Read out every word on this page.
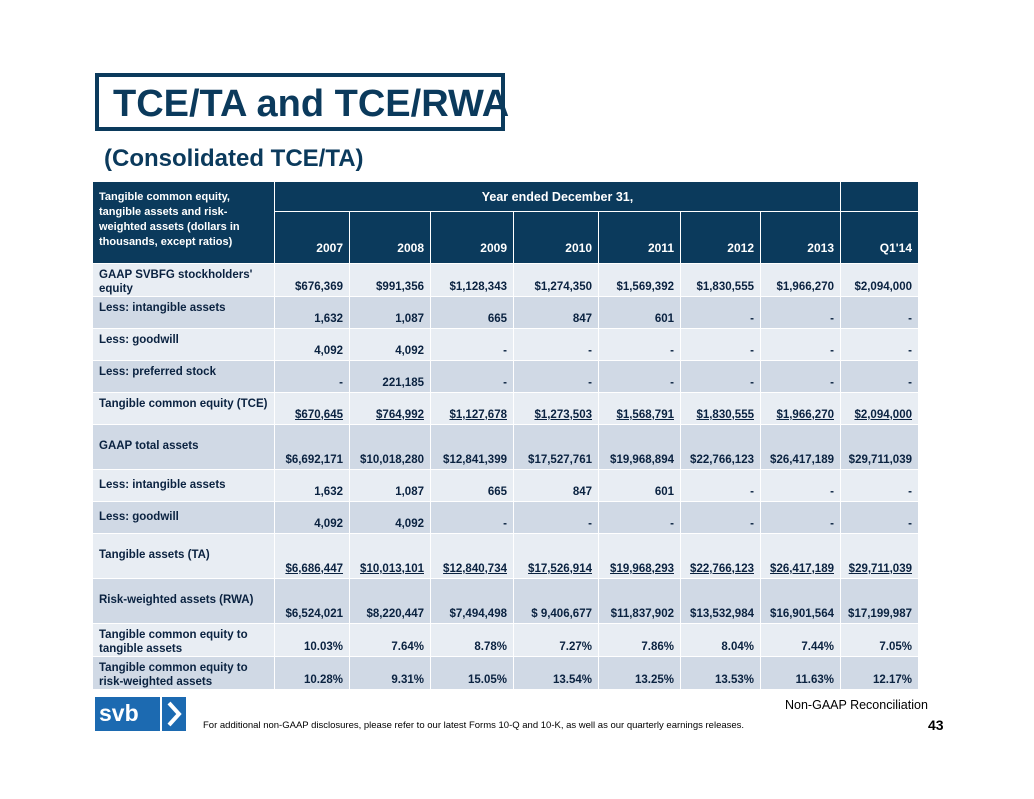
TCE/TA and TCE/RWA
(Consolidated TCE/TA)
Tangible common equity, tangible assets and risk-weighted assets (dollars in thousands, except ratios)	Year ended December 31,							
	2007	2008	2009	2010	2011	2012	2013	Q1'14
GAAP SVBFG stockholders' equity	$676,369	$991,356	$1,128,343	$1,274,350	$1,569,392	$1,830,555	$1,966,270	$2,094,000
Less: intangible assets	1,632	1,087	665	847	601	-	-	-
Less: goodwill	4,092	4,092	-	-	-	-	-	-
Less: preferred stock	-	221,185	-	-	-	-	-	-
Tangible common equity (TCE)	$670,645	$764,992	$1,127,678	$1,273,503	$1,568,791	$1,830,555	$1,966,270	$2,094,000
GAAP total assets	$6,692,171	$10,018,280	$12,841,399	$17,527,761	$19,968,894	$22,766,123	$26,417,189	$29,711,039
Less: intangible assets	1,632	1,087	665	847	601	-	-	-
Less: goodwill	4,092	4,092	-	-	-	-	-	-
Tangible assets (TA)	$6,686,447	$10,013,101	$12,840,734	$17,526,914	$19,968,293	$22,766,123	$26,417,189	$29,711,039
Risk-weighted assets (RWA)	$6,524,021	$8,220,447	$7,494,498	$ 9,406,677	$11,837,902	$13,532,984	$16,901,564	$17,199,987
Tangible common equity to tangible assets	10.03%	7.64%	8.78%	7.27%	7.86%	8.04%	7.44%	7.05%
Tangible common equity to risk-weighted assets	10.28%	9.31%	15.05%	13.54%	13.25%	13.53%	11.63%	12.17%
svb	Non-GAAP Reconciliation
For additional non-GAAP disclosures, please refer to our latest Forms 10-Q and 10-K, as well as our quarterly earnings releases.	43
